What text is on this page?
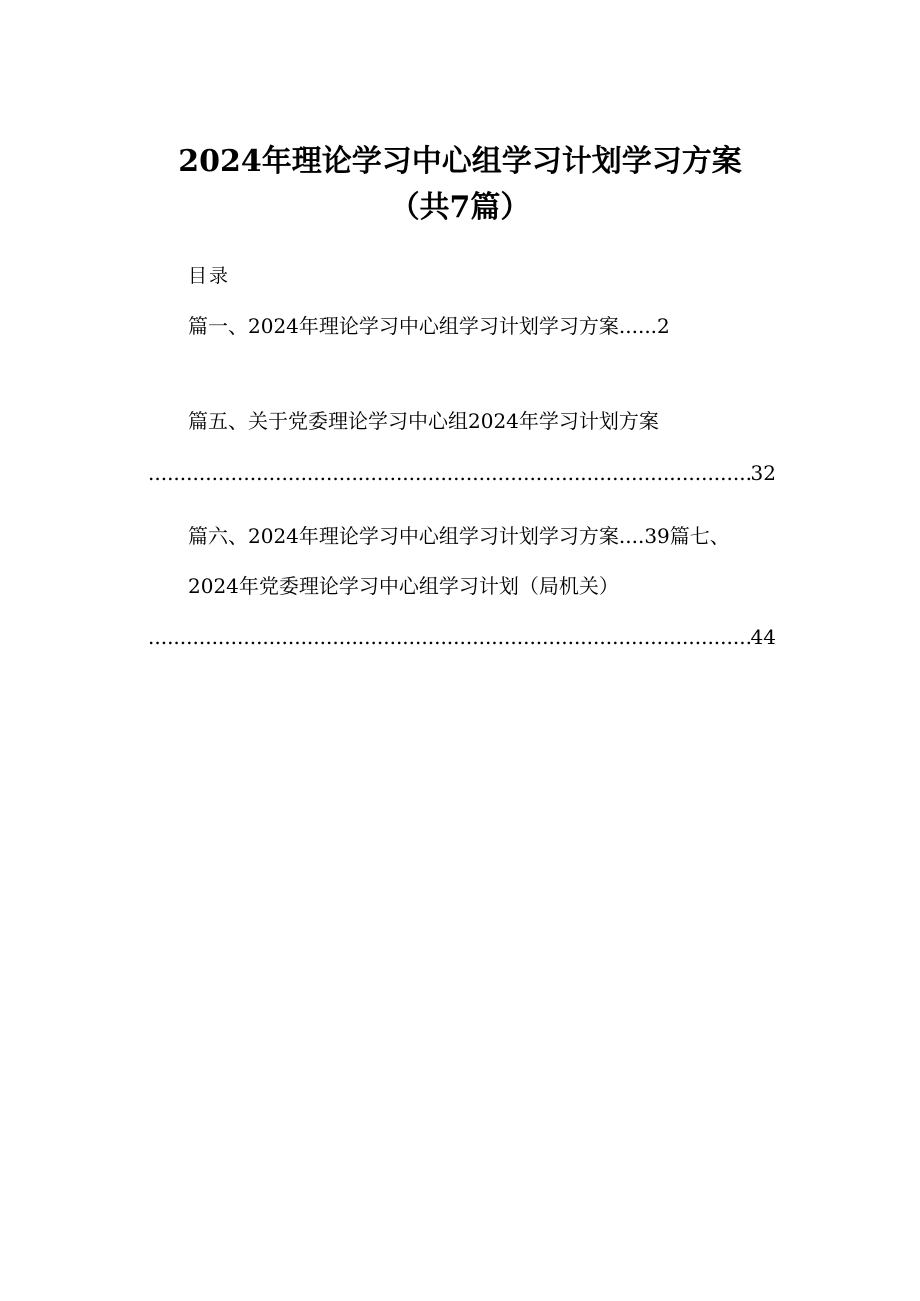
2024年理论学习中心组学习计划学习方案
（共7篇）
目录
篇一、2024年理论学习中心组学习计划学习方案......2
篇五、关于党委理论学习中心组2024年学习计划方案
.....
32
篇六、2024年理论学习中心组学习计划学习方案....39篇七、
2024年党委理论学习中心组学习计划（局机关）
.....
44
